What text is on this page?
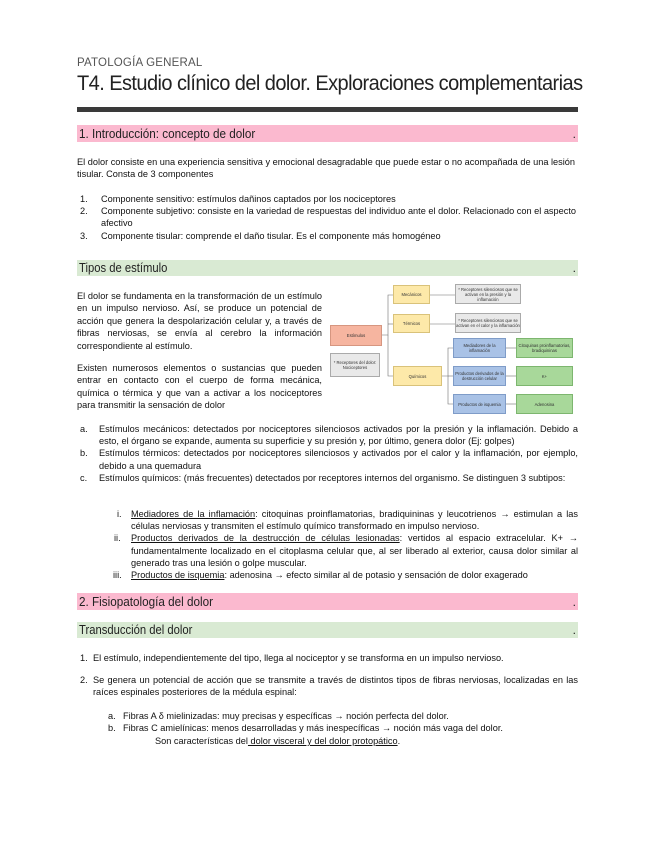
PATOLOGÍA GENERAL
T4. Estudio clínico del dolor. Exploraciones complementarias
1. Introducción: concepto de dolor	.
El dolor consiste en una experiencia sensitiva y emocional desagradable que puede estar o no acompañada de una lesión tisular. Consta de 3 componentes
1. Componente sensitivo: estímulos dañinos captados por los nociceptores
2. Componente subjetivo: consiste en la variedad de respuestas del individuo ante el dolor. Relacionado con el aspecto afectivo
3. Componente tisular: comprende el daño tisular. Es el componente más homogéneo
Tipos de estímulo	.
El dolor se fundamenta en la transformación de un estímulo en un impulso nervioso. Así, se produce un potencial de acción que genera la despolarización celular y, a través de fibras nerviosas, se envía al cerebro la información correspondiente al estímulo.
Existen numerosos elementos o sustancias que pueden entrar en contacto con el cuerpo de forma mecánica, química o térmica y que van a activar a los nociceptores para transmitir la sensación de dolor
Mecánicos
Térmicos
Estímulos
* Receptores del dolor: Nociceptores
Químicos
* Receptores silenciosos que se activan en la presión y la inflamación
* Receptores silenciosos que se activan en el calor y la inflamación
Mediadores de la inflamación
Productos derivados de la destrucción celular
Productos de isquemia
Citoquinas proinflamatorias, bradiquininas
K+
Adenosina
a. Estímulos mecánicos: detectados por nociceptores silenciosos activados por la presión y la inflamación. Debido a esto, el órgano se expande, aumenta su superficie y su presión y, por último, genera dolor (Ej: golpes)
b. Estímulos térmicos: detectados por nociceptores silenciosos y activados por el calor y la inflamación, por ejemplo, debido a una quemadura
c. Estímulos químicos: (más frecuentes) detectados por receptores internos del organismo. Se distinguen 3 subtipos:
i. Mediadores de la inflamación: citoquinas proinflamatorias, bradiquininas y leucotrienos → estimulan a las células nerviosas y transmiten el estímulo químico transformado en impulso nervioso.
ii. Productos derivados de la destrucción de células lesionadas: vertidos al espacio extracelular. K+ → fundamentalmente localizado en el citoplasma celular que, al ser liberado al exterior, causa dolor similar al generado tras una lesión o golpe muscular.
iii. Productos de isquemia: adenosina → efecto similar al de potasio y sensación de dolor exagerado
2. Fisiopatología del dolor	.
Transducción del dolor	.
1. El estímulo, independientemente del tipo, llega al nociceptor y se transforma en un impulso nervioso.
2. Se genera un potencial de acción que se transmite a través de distintos tipos de fibras nerviosas, localizadas en las raíces espinales posteriores de la médula espinal:
a. Fibras A δ mielinizadas: muy precisas y específicas → noción perfecta del dolor.
b. Fibras C amielínicas: menos desarrolladas y más inespecíficas → noción más vaga del dolor.
Son características del dolor visceral y del dolor protopático.
